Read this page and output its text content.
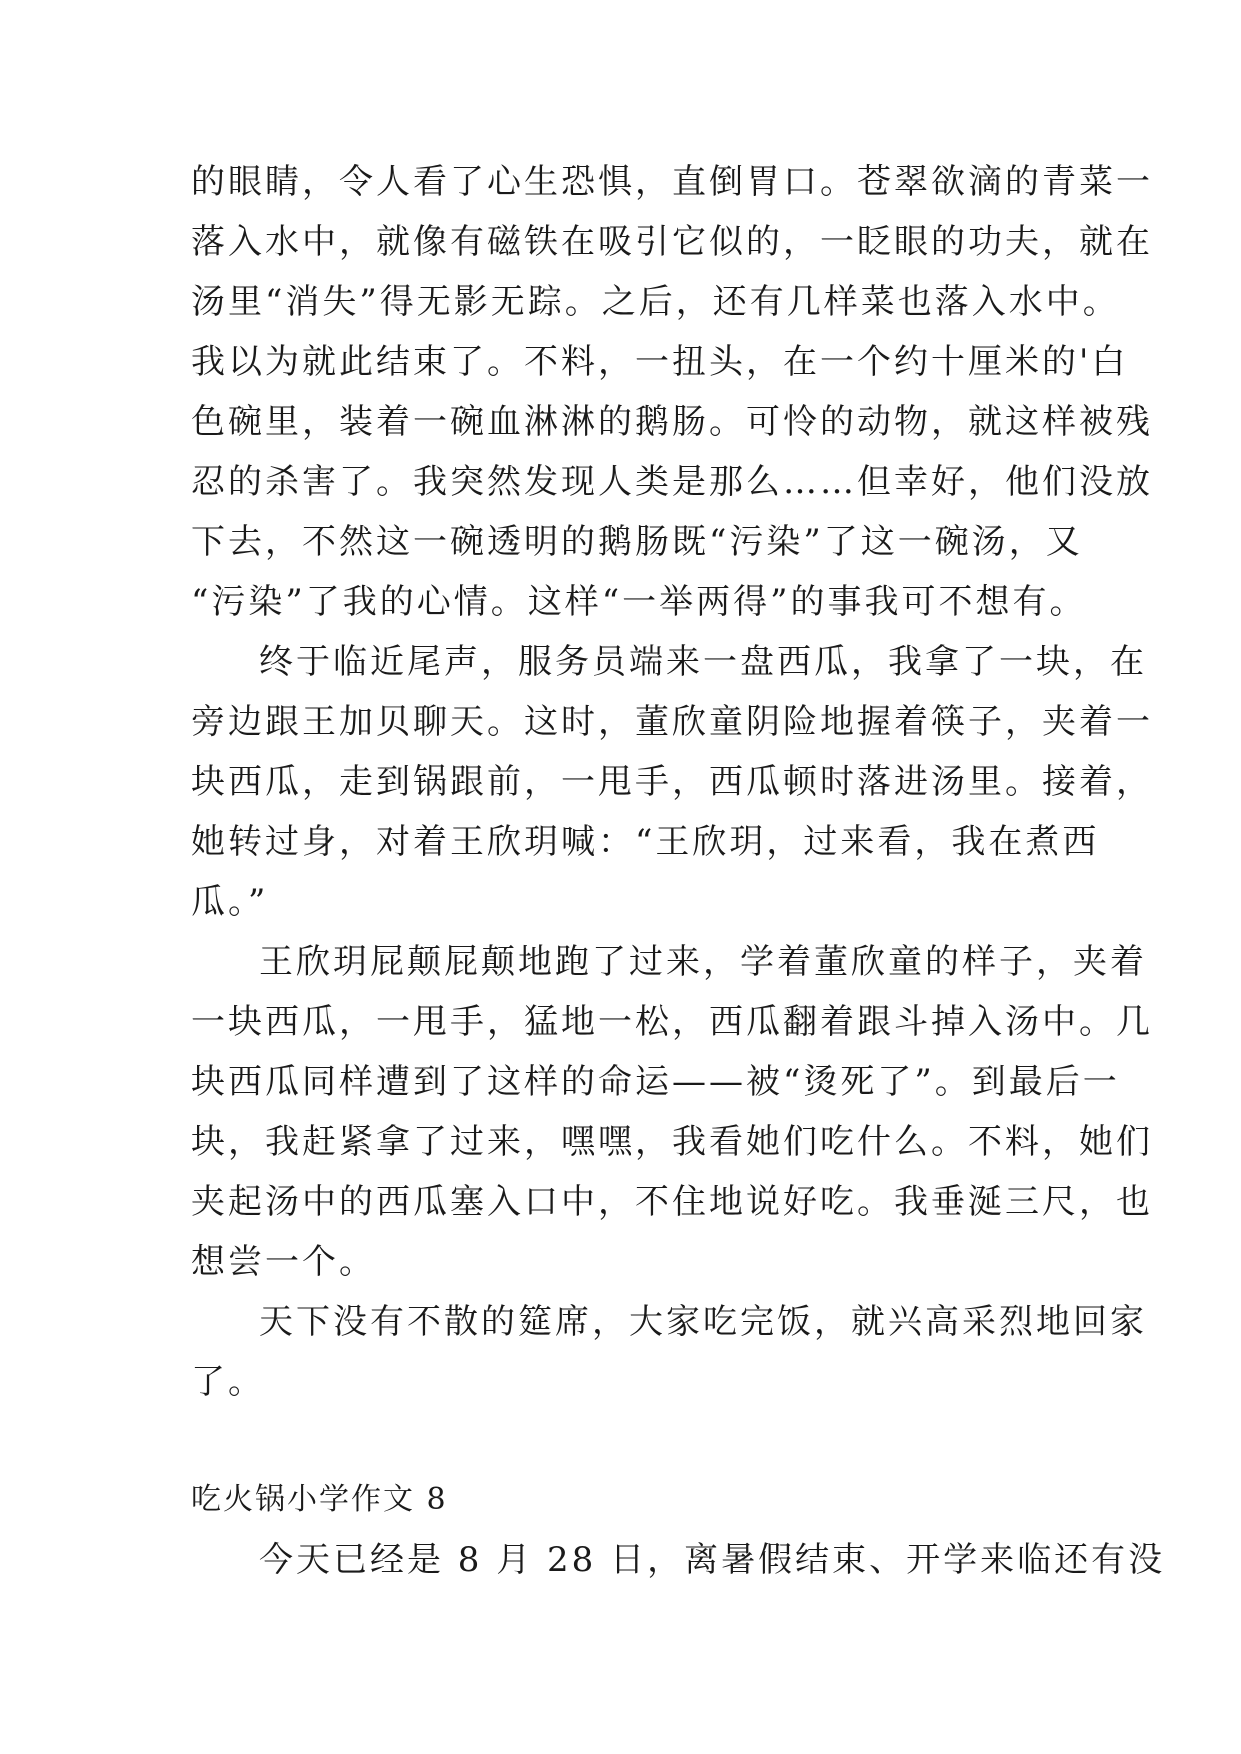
的眼睛，令人看了心生恐惧，直倒胃口。苍翠欲滴的青菜一
落入水中，就像有磁铁在吸引它似的，一眨眼的功夫，就在
汤里“消失”得无影无踪。之后，还有几样菜也落入水中。
我以为就此结束了。不料，一扭头，在一个约十厘米的'白
色碗里，装着一碗血淋淋的鹅肠。可怜的动物，就这样被残
忍的杀害了。我突然发现人类是那么……但幸好，他们没放
下去，不然这一碗透明的鹅肠既“污染”了这一碗汤，又
“污染”了我的心情。这样“一举两得”的事我可不想有。
终于临近尾声，服务员端来一盘西瓜，我拿了一块，在
旁边跟王加贝聊天。这时，董欣童阴险地握着筷子，夹着一
块西瓜，走到锅跟前，一甩手，西瓜顿时落进汤里。接着，
她转过身，对着王欣玥喊：“王欣玥，过来看，我在煮西
瓜。”
王欣玥屁颠屁颠地跑了过来，学着董欣童的样子，夹着
一块西瓜，一甩手，猛地一松，西瓜翻着跟斗掉入汤中。几
块西瓜同样遭到了这样的命运——被“烫死了”。到最后一
块，我赶紧拿了过来，嘿嘿，我看她们吃什么。不料，她们
夹起汤中的西瓜塞入口中，不住地说好吃。我垂涎三尺，也
想尝一个。
天下没有不散的筵席，大家吃完饭，就兴高采烈地回家
了。
吃火锅小学作文 8
今天已经是 8 月 28 日，离暑假结束、开学来临还有没
